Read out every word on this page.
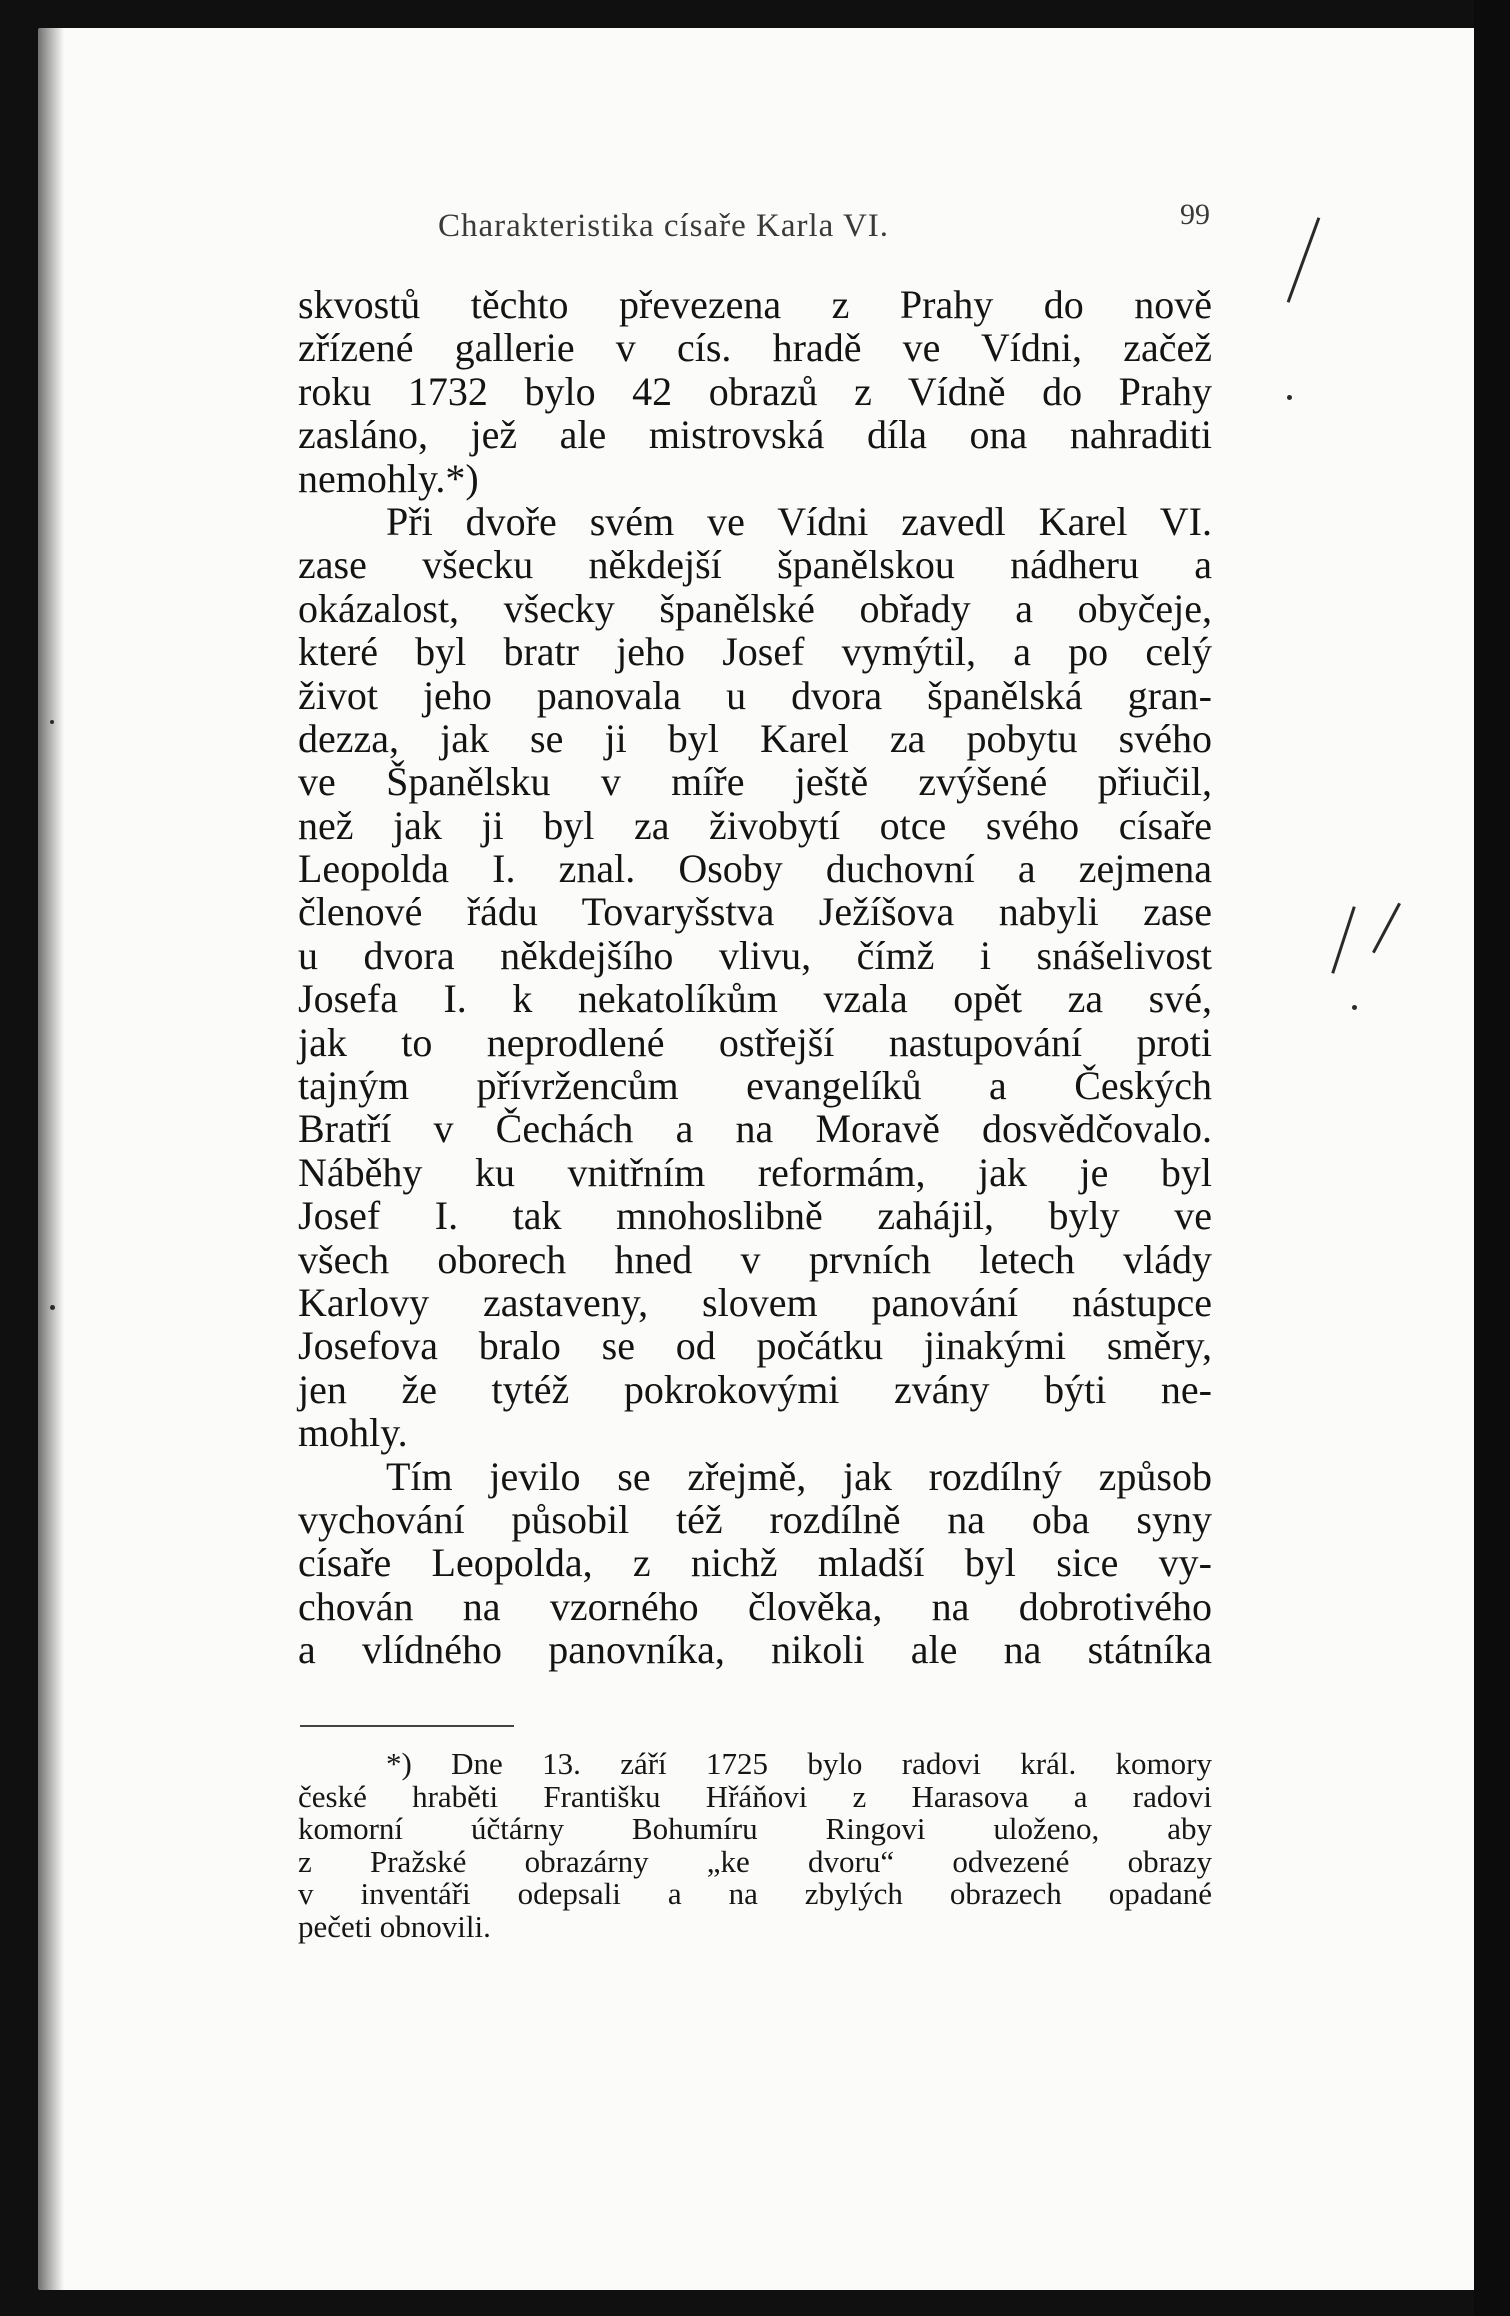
Charakteristika císaře Karla VI.	99
skvostů těchto převezena z Prahy do nově
zřízené gallerie v cís. hradě ve Vídni, začež
roku 1732 bylo 42 obrazů z Vídně do Prahy
zasláno, jež ale mistrovská díla ona nahraditi
nemohly.*)
Při dvoře svém ve Vídni zavedl Karel VI.
zase všecku někdejší španělskou nádheru a
okázalost, všecky španělské obřady a obyčeje,
které byl bratr jeho Josef vymýtil, a po celý
život jeho panovala u dvora španělská gran-
dezza, jak se ji byl Karel za pobytu svého
ve Španělsku v míře ještě zvýšené přiučil,
než jak ji byl za živobytí otce svého císaře
Leopolda I. znal. Osoby duchovní a zejmena
členové řádu Tovaryšstva Ježíšova nabyli zase
u dvora někdejšího vlivu, čímž i snášelivost
Josefa I. k nekatolíkům vzala opět za své,
jak to neprodlené ostřejší nastupování proti
tajným přívržencům evangelíků a Českých
Bratří v Čechách a na Moravě dosvědčovalo.
Náběhy ku vnitřním reformám, jak je byl
Josef I. tak mnohoslibně zahájil, byly ve
všech oborech hned v prvních letech vlády
Karlovy zastaveny, slovem panování nástupce
Josefova bralo se od počátku jinakými směry,
jen že tytéž pokrokovými zvány býti ne-
mohly.
Tím jevilo se zřejmě, jak rozdílný způsob
vychování působil též rozdílně na oba syny
císaře Leopolda, z nichž mladší byl sice vy-
chován na vzorného člověka, na dobrotivého
a vlídného panovníka, nikoli ale na státníka
*) Dne 13. září 1725 bylo radovi král. komory
české hraběti Františku Hřáňovi z Harasova a radovi
komorní účtárny Bohumíru Ringovi uloženo, aby
z Pražské obrazárny „ke dvoru“ odvezené obrazy
v inventáři odepsali a na zbylých obrazech opadané
pečeti obnovili.
